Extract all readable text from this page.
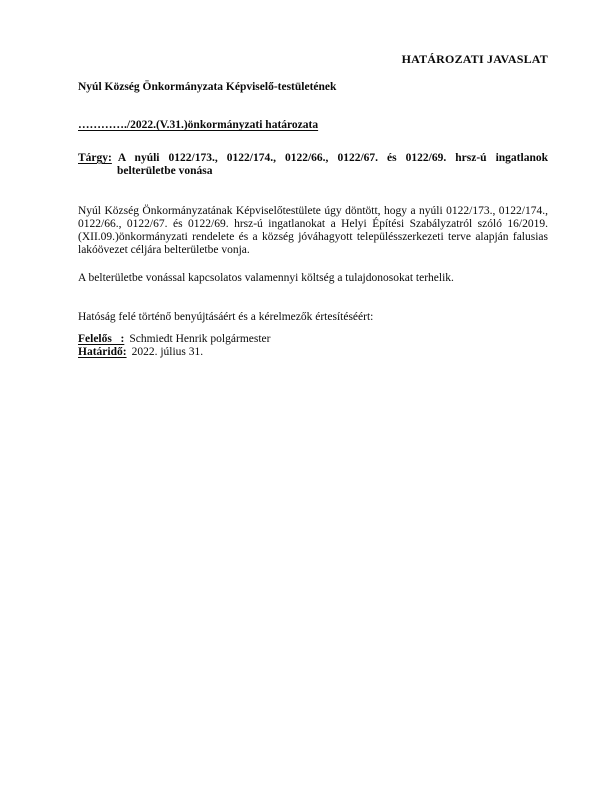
HATÁROZATI JAVASLAT
Nyúl Község Önkormányzata Képviselő-testületének
…………./2022.(V.31.)önkormányzati határozata
Tárgy: A nyúli 0122/173., 0122/174., 0122/66., 0122/67. és 0122/69. hrsz-ú ingatlanok belterületbe vonása
Nyúl Község Önkormányzatának Képviselőtestülete úgy döntött, hogy a nyúli 0122/173., 0122/174., 0122/66., 0122/67. és 0122/69. hrsz-ú ingatlanokat a Helyi Építési Szabályzatról szóló 16/2019.(XII.09.)önkormányzati rendelete és a község jóváhagyott településszerkezeti terve alapján falusias lakóövezet céljára belterületbe vonja.
A belterületbe vonással kapcsolatos valamennyi költség a tulajdonosokat terhelik.
Hatóság felé történő benyújtásáért és a kérelmezők értesítéséért:
Felelős   : Schmiedt Henrik polgármester
Határidő: 2022. július 31.
